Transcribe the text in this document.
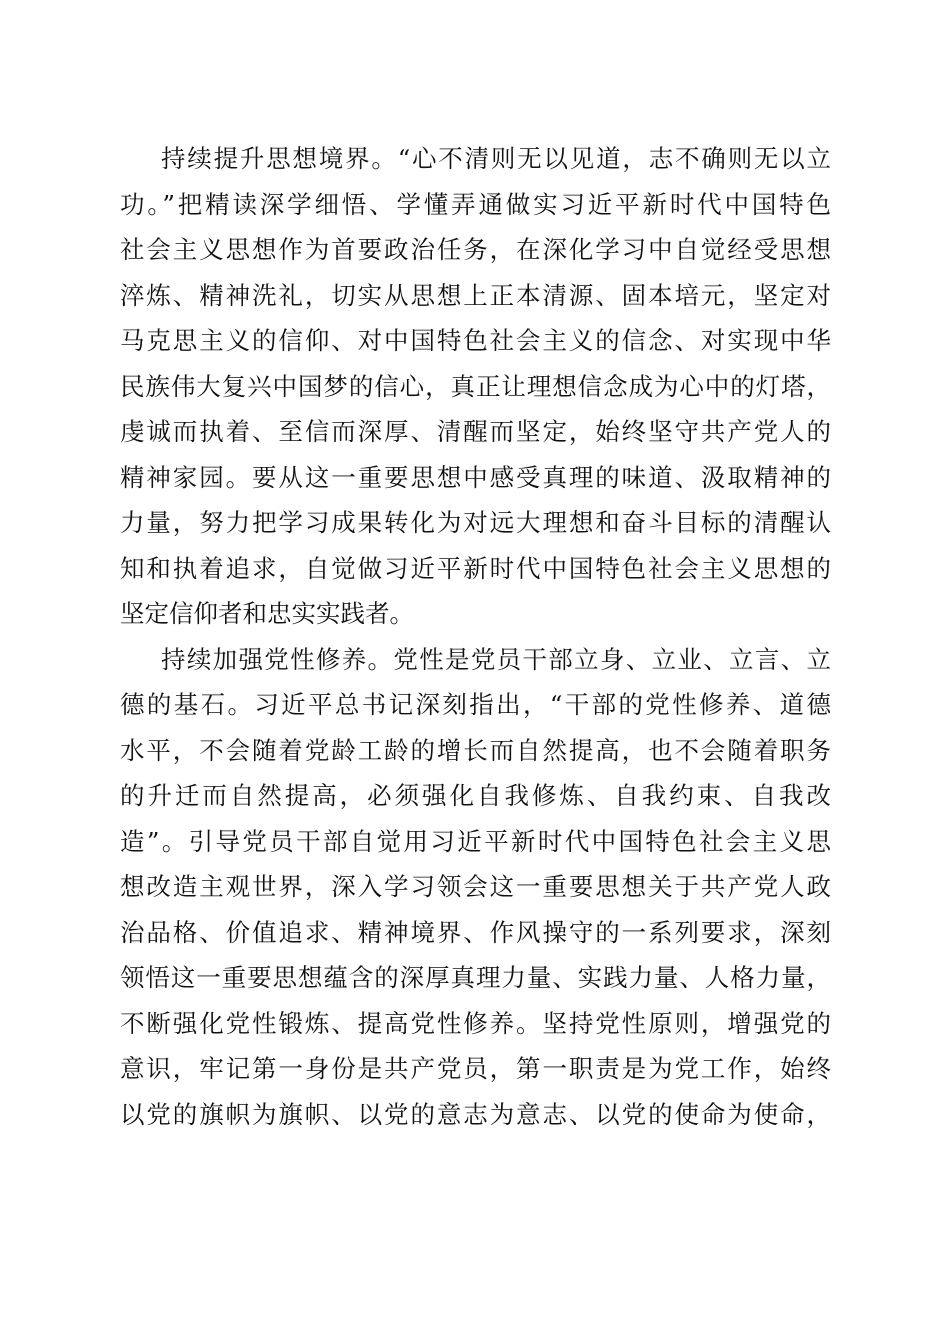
持续提升思想境界。“心不清则无以见道，志不确则无以立
功。”把精读深学细悟、学懂弄通做实习近平新时代中国特色
社会主义思想作为首要政治任务，在深化学习中自觉经受思想
淬炼、精神洗礼，切实从思想上正本清源、固本培元，坚定对
马克思主义的信仰、对中国特色社会主义的信念、对实现中华
民族伟大复兴中国梦的信心，真正让理想信念成为心中的灯塔，
虔诚而执着、至信而深厚、清醒而坚定，始终坚守共产党人的
精神家园。要从这一重要思想中感受真理的味道、汲取精神的
力量，努力把学习成果转化为对远大理想和奋斗目标的清醒认
知和执着追求，自觉做习近平新时代中国特色社会主义思想的
坚定信仰者和忠实实践者。
持续加强党性修养。党性是党员干部立身、立业、立言、立
德的基石。习近平总书记深刻指出，“干部的党性修养、道德
水平，不会随着党龄工龄的增长而自然提高，也不会随着职务
的升迁而自然提高，必须强化自我修炼、自我约束、自我改
造”。引导党员干部自觉用习近平新时代中国特色社会主义思
想改造主观世界，深入学习领会这一重要思想关于共产党人政
治品格、价值追求、精神境界、作风操守的一系列要求，深刻
领悟这一重要思想蕴含的深厚真理力量、实践力量、人格力量，
不断强化党性锻炼、提高党性修养。坚持党性原则，增强党的
意识，牢记第一身份是共产党员，第一职责是为党工作，始终
以党的旗帜为旗帜、以党的意志为意志、以党的使命为使命，
